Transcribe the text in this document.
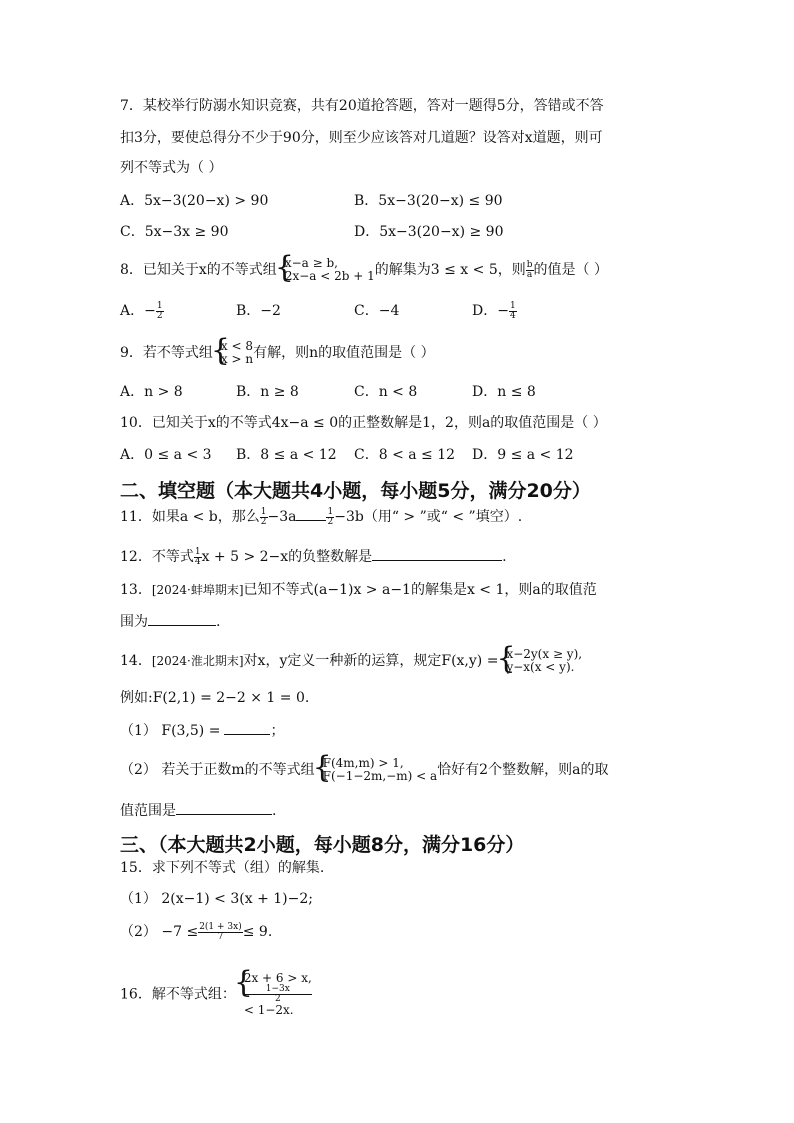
7．某校举行防溺水知识竞赛，共有20道抢答题，答对一题得5分，答错或不答
扣3分，要使总得分不少于90分，则至少应该答对几道题？设答对x道题，则可
列不等式为（ ）
A．5x−3(20−x) > 90	B．5x−3(20−x) ≤ 90
C．5x−3x ≥ 90	D．5x−3(20−x) ≥ 90
8．已知关于x的不等式组 { x−a ≥ b,
2x−a < 2b + 1 的解集为3 ≤ x < 5，则 $\frac{b}{a}$ 的值是（ ）
A．− $\frac{1}{2}$	B．−2	C．−4	D．− $\frac{1}{4}$
9．若不等式组 { x < 8
x > n 有解，则n的取值范围是（ ）
A．n > 8	B．n ≥ 8	C．n < 8	D．n ≤ 8
10．已知关于x的不等式4x−a ≤ 0的正整数解是1，2，则a的取值范围是（ ）
A．0 ≤ a < 3 B．8 ≤ a < 12 C．8 < a ≤ 12 D．9 ≤ a < 12
二、填空题（本大题共4小题，每小题5分，满分20分）
11．如果a < b，那么 $\frac{1}{2} -3a$	$\frac{1}{2} -3b$（用“ > ”或“ < ”填空）.
12．不等式 $\frac{1}{4}$ x + 5 > 2−x的负整数解是	.
13．[2024·蚌埠期末]已知不等式(a−1)x > a−1的解集是x < 1，则a的取值范
围为	.
14．[2024·淮北期末]对x，y定义一种新的运算，规定F(x,y) = { x−2y(x ≥ y),
y−x(x < y).
例如:F(2,1) = 2−2 × 1 = 0.
（1） F(3,5) =	；
（2） 若关于正数m的不等式组 { F(4m,m) > 1,
F(−1−2m,−m) < a 恰好有2个整数解，则a的取
值范围是	.
三、（本大题共2小题，每小题8分，满分16分）
15．求下列不等式（组）的解集.
（1） 2(x−1) < 3(x + 1)−2;
$(2) -7 \le \frac{2(1 + 3x)}{7} \le 9$.
16．解不等式组：
{ 2x + 6 > x,
1−3x
2
< 1−2x.
